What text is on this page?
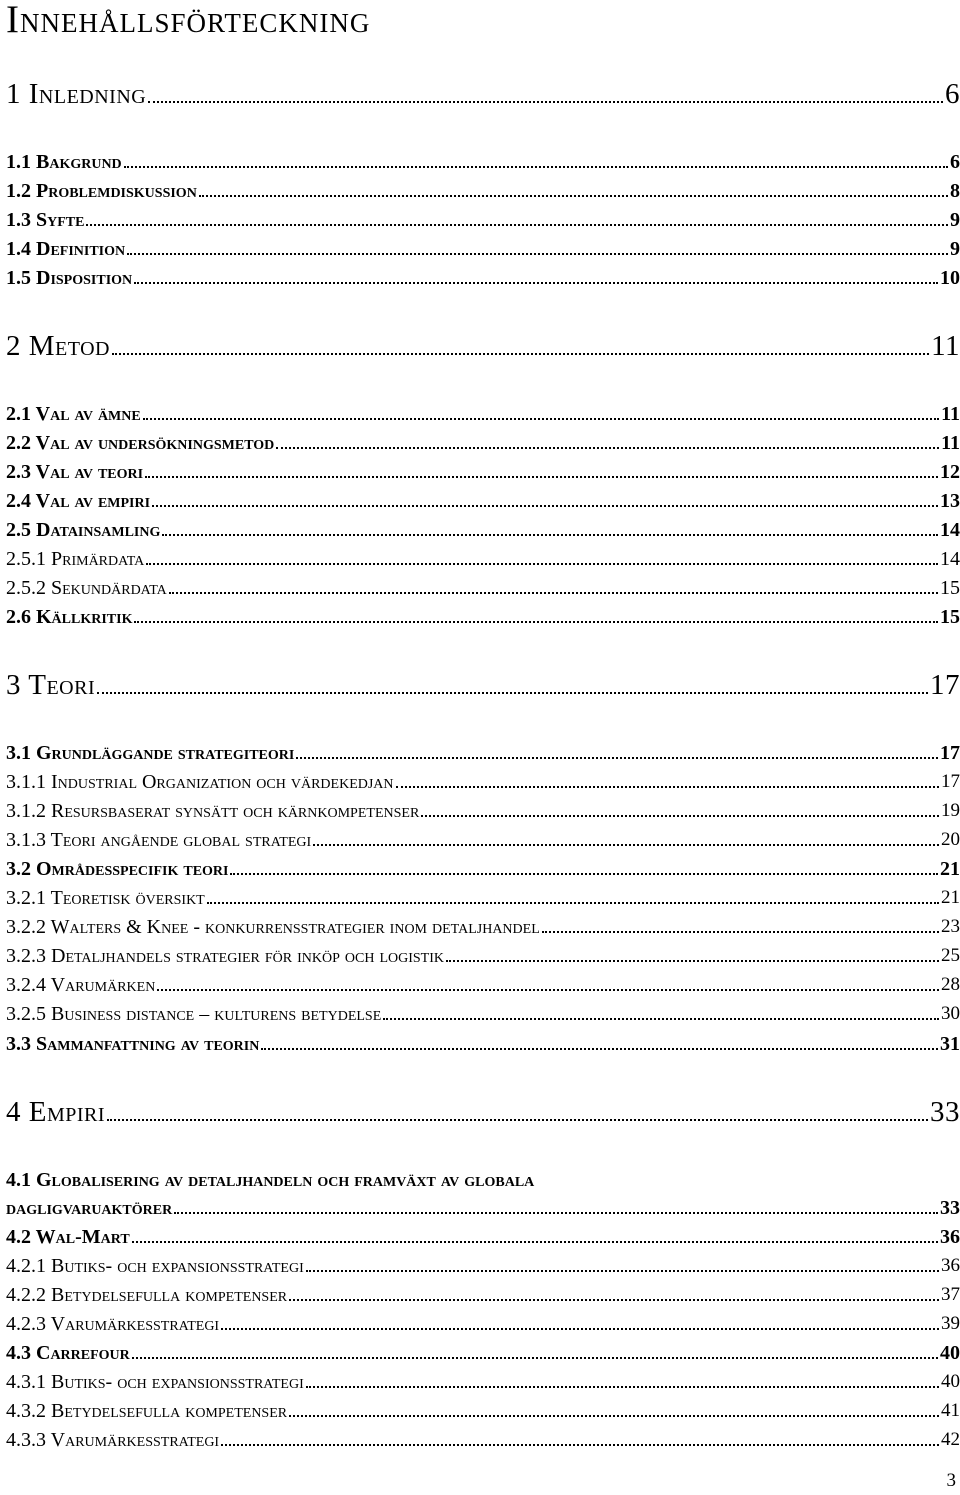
Innehållsförteckning
1 Inledning	6
1.1 Bakgrund	6
1.2 Problemdiskussion	8
1.3 Syfte	9
1.4 Definition	9
1.5 Disposition	10
2 Metod	11
2.1 Val av ämne	11
2.2 Val av undersökningsmetod	11
2.3 Val av teori	12
2.4 Val av empiri	13
2.5 Datainsamling	14
2.5.1 Primärdata	14
2.5.2 Sekundärdata	15
2.6 Källkritik	15
3 Teori	17
3.1 Grundläggande strategiteori	17
3.1.1 Industrial Organization och värdekedjan	17
3.1.2 Resursbaserat synsätt och kärnkompetenser	19
3.1.3 Teori angående global strategi	20
3.2 Områdesspecifik teori	21
3.2.1 Teoretisk översikt	21
3.2.2 Walters & Knee - konkurrensstrategier inom detaljhandel	23
3.2.3 Detaljhandels strategier för inköp och logistik	25
3.2.4 Varumärken	28
3.2.5 Business distance – kulturens betydelse	30
3.3 Sammanfattning av teorin	31
4 Empiri	33
4.1 Globalisering av detaljhandeln och framväxt av globala
dagligvaruaktörer	33
4.2 Wal-Mart	36
4.2.1 Butiks- och expansionsstrategi	36
4.2.2 Betydelsefulla kompetenser	37
4.2.3 Varumärkesstrategi	39
4.3 Carrefour	40
4.3.1 Butiks- och expansionsstrategi	40
4.3.2 Betydelsefulla kompetenser	41
4.3.3 Varumärkesstrategi	42
3
